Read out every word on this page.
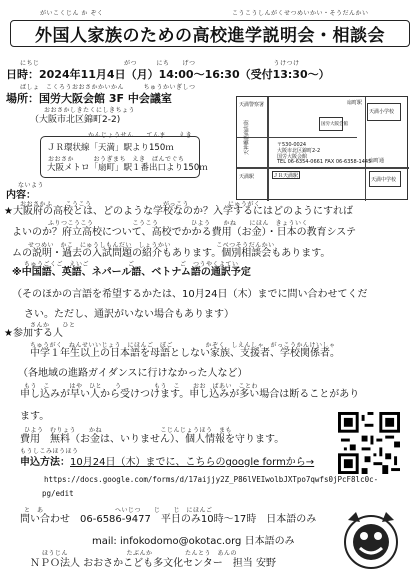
がいこくじん か ぞく	こうこうしんがくせつめいかい・そうだんかい
外国人家族のための高校進学説明会・相談会
にちじ　　　　　　　　　　　　　がつ　　　にち　　げつ　　　　　　　　　　　　うけつけ
日時：2024年11月4日（月）14:00～16:30（受付13:30～）
ばしょ　こくろうおおさかかいかん　　　ちゅうかいぎしつ
場所：国労大阪会館 3F 中会議室
おおさかしきたくにしきちょう
（大阪市北区錦町2-2)
かんじょうせん　　てんま　　えき
ＪＲ環状線「天満」駅より150ｍ
大阪メトロ「扇町」駅１番出口より150ｍ
おおさか　　　おうぎまち　えき　ばんでぐち
天満警察署
天神橋筋商店街	国労大阪会館
ＪＲ天満駅
天満駅
扇町駅
天満小学校
〒530-0024
大阪市北区錦町2-2
国労大阪会館
TEL 06-6354-0661 FAX 06-6358-1445
天満中学校
扇町通
ないよう
内容：
おおさかふ　　こうこう　　　　　　　　　　　がっこう　　　　　　にゅうがく
★大阪府の高校とは、どのような学校なのか？入学するにはどのようにすれば
ふりつこうこう　　　　　　こうこう　　　　　ひよう　　かね　　にほん　きょういく
よいのか？府立高校について、高校でかかる費用（お金）・日本の教育システ
せつめい　かこ　にゅうしもんだい　しょうかい　　　　　　　こべつそうだんかい
ムの説明・過去の入試問題の紹介もあります。個別相談会もあります。
ちゅうごくご　えいご　　　　　　ご　　　　　　　ご　つうやくよてい
※中国語、英語、ネパール語、ベトナム語の通訳予定
（そのほかの言語を希望するかたは、10月24日（木）までに問い合わせてくだ
さい。ただし、通訳がいない場合もあります）
さんか　　ひと
★参加する人
ちゅうがく　ねんせいいじょう　にほんご　ぼご　　　　　かぞく　しえんしゃ　がっこうかんけいしゃ
中学１年生以上の日本語を母語としない家族、支援者、学校関係者。
（各地域の進路ガイダンスに行けなかった人など）
もう　こ　　　はや　ひと　　う　　　　　もう　こ　　おお　ばあい　ことわ
申し込みが早い人から受けつけます。申し込みが多い場合は断ることがあり
ます。
ひよう　むりょう　　かね　　　　　　　　　こじんじょうほう　まも
費用　無料（お金は、いりません）、個人情報を守ります。
もうしこみほうほう
申込方法：10月24日（木）までに、こちらのgoogle formから→
https://docs.google.com/forms/d/17aijjy2Z_P86lVEIwolbJXTpo7qwfs0jPcF8lc0c-
pg/edit
と　あ　　　　　　　　　　　へいじつ　　じ　　じ　にほんご
問い合わせ　06-6586-9477　平日のみ10時～17時　日本語のみ
mail: infokodomo@okotac.org 日本語のみ
ほうじん　　　　　　　　　たぶんか　　　　　たんとう　あんの
ＮＰＯ法人 おおさかこども多文化センター　担当 安野
